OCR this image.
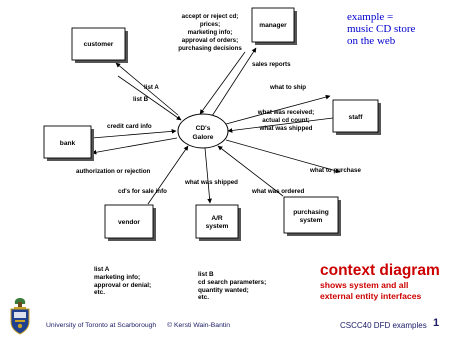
CD's
Galore
customer
manager
staff
bank
vendor
A/R
system
purchasing
system
accept or reject cd;
prices;
marketing info;
approval of orders;
purchasing decisions
sales reports
list A
list B
what to ship
what was received;
actual cd count;
what was shipped
credit card info
authorization or rejection	what to purchase
cd's for sale info
what was shipped
what was ordered
example =
music CD store
on the web
list A
marketing info;
approval or denial;
etc.
list B
cd search parameters;
quantity wanted;
etc.
context diagram
shows system and all
external entity interfaces
University of Toronto at Scarborough © Kersti Wain-Bantin	CSCC40 DFD examples 1
